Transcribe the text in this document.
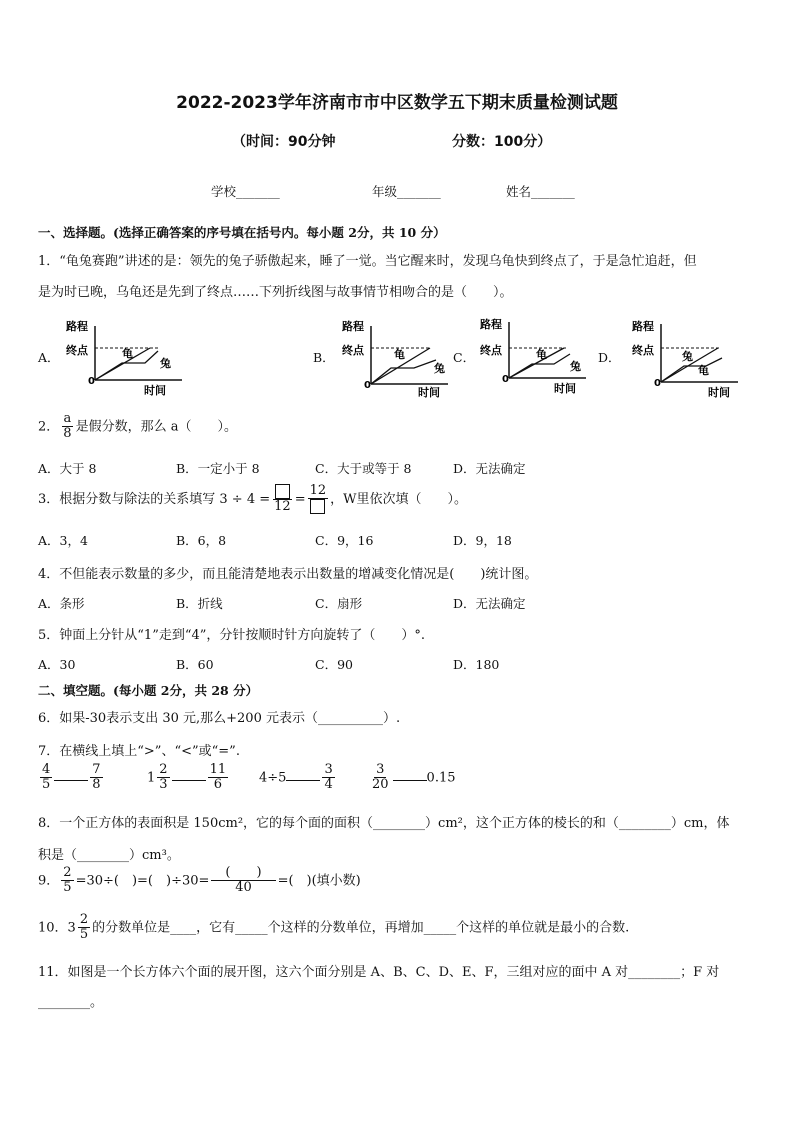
2022-2023学年济南市市中区数学五下期末质量检测试题
（时间：90分钟	分数：100分）
学校_______	年级_______	姓名_______
一、选择题。(选择正确答案的序号填在括号内。每小题 2分，共 10 分）
1．“龟兔赛跑”讲述的是：领先的兔子骄傲起来，睡了一觉。当它醒来时，发现乌龟快到终点了，于是急忙追赶，但
是为时已晚，乌龟还是先到了终点……下列折线图与故事情节相吻合的是（　　）。
A．	B．	C．	D．
路程
终点
0
时间
龟
兔
路程
终点
0
时间
龟
兔
路程
终点
0
时间
龟
兔
路程
终点
0
时间
兔
龟
2． $\frac{a}{8}$ 是假分数，那么 a（　　）。
A．大于 8	B．一定小于 8	C．大于或等于 8	D．无法确定
3．根据分数与除法的关系填写 3 ÷ 4 = 12 =
12
，W里依次填（　　）。
A．3，4	B．6，8	C．9，16	D．9，18
4．不但能表示数量的多少，而且能清楚地表示出数量的增减变化情况是(　　)统计图。
A．条形	B．折线	C．扇形	D．无法确定
5．钟面上分针从“1”走到“4”，分针按顺时针方向旋转了（　　）°.
A．30	B．60	C．90	D．180
二、填空题。(每小题 2分，共 28 分）
6．如果-30表示支出 30 元,那么+200 元表示（__________）.
7．在横线上填上“>”、“<”或“=”.
$\frac{4}{5}$	$\frac{7}{8}$	$1 \frac{2}{3}$	$\frac{11}{6} 4\div 5$	$\frac{3}{4}$	$\frac{3}{20}$	0.15
8．一个正方体的表面积是 150cm²，它的每个面的面积（________）cm²，这个正方体的棱长的和（________）cm，体
积是（________）cm³。
9． $\frac{2}{5} =30\div$(　)=(　)$\div 30= \frac{( )}{40}$ =(　)(填小数)
10．$3 \frac{2}{5}$ 的分数单位是____，它有_____个这样的分数单位，再增加_____个这样的单位就是最小的合数.
11．如图是一个长方体六个面的展开图，这六个面分别是 A、B、C、D、E、F，三组对应的面中 A 对________；F 对
________。
